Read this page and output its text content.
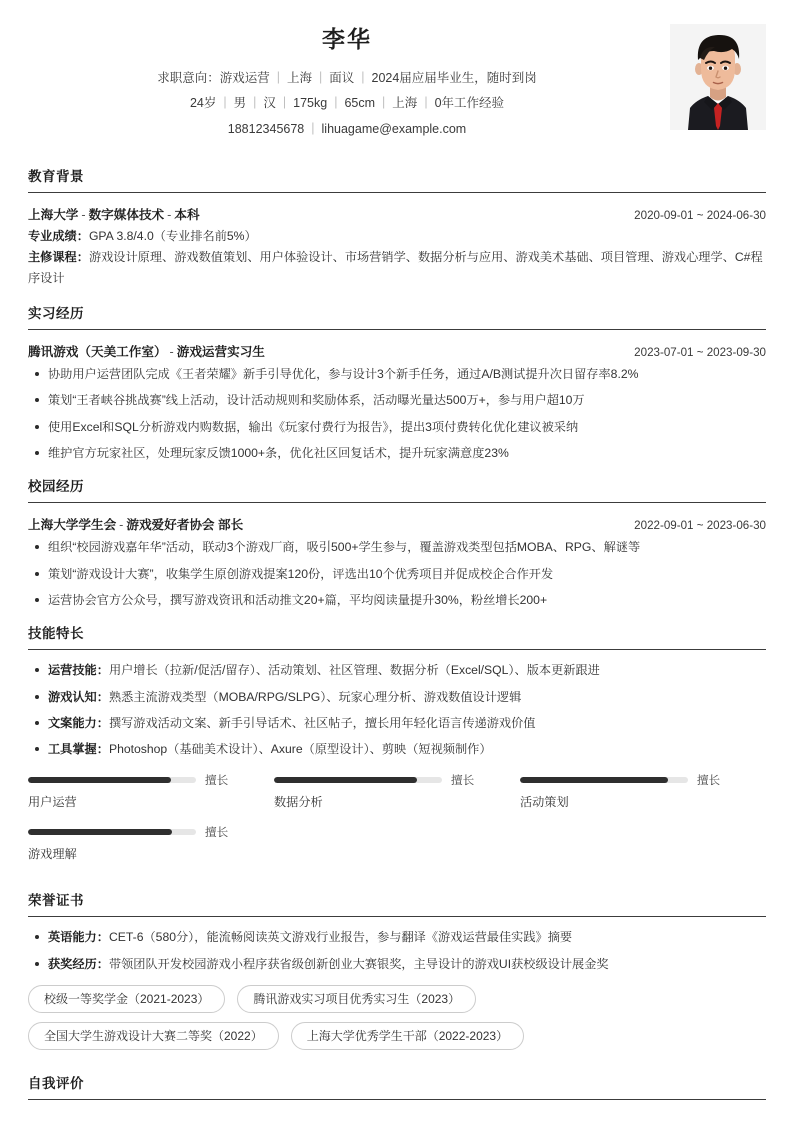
李华
求职意向：游戏运营 | 上海 | 面议 | 2024届应届毕业生，随时到岗
24岁 | 男 | 汉 | 175kg | 65cm | 上海 | 0年工作经验
18812345678 | lihuagame@example.com
教育背景
上海大学 - 数字媒体技术 - 本科	2020-09-01 ~ 2024-06-30
专业成绩：GPA 3.8/4.0（专业排名前5%）
主修课程：游戏设计原理、游戏数值策划、用户体验设计、市场营销学、数据分析与应用、游戏美术基础、项目管理、游戏心理学、C#程序设计
实习经历
腾讯游戏（天美工作室） - 游戏运营实习生	2023-07-01 ~ 2023-09-30
协助用户运营团队完成《王者荣耀》新手引导优化，参与设计3个新手任务，通过A/B测试提升次日留存率8.2%
策划“王者峡谷挑战赛”线上活动，设计活动规则和奖励体系，活动曝光量达500万+，参与用户超10万
使用Excel和SQL分析游戏内购数据，输出《玩家付费行为报告》，提出3项付费转化优化建议被采纳
维护官方玩家社区，处理玩家反馈1000+条，优化社区回复话术，提升玩家满意度23%
校园经历
上海大学学生会 - 游戏爱好者协会 部长	2022-09-01 ~ 2023-06-30
组织“校园游戏嘉年华”活动，联动3个游戏厂商，吸引500+学生参与，覆盖游戏类型包括MOBA、RPG、解谜等
策划“游戏设计大赛”，收集学生原创游戏提案120份，评选出10个优秀项目并促成校企合作开发
运营协会官方公众号，撰写游戏资讯和活动推文20+篇，平均阅读量提升30%，粉丝增长200+
技能特长
运营技能：用户增长（拉新/促活/留存）、活动策划、社区管理、数据分析（Excel/SQL）、版本更新跟进
游戏认知：熟悉主流游戏类型（MOBA/RPG/SLPG）、玩家心理分析、游戏数值设计逻辑
文案能力：撰写游戏活动文案、新手引导话术、社区帖子，擅长用年轻化语言传递游戏价值
工具掌握：Photoshop（基础美术设计）、Axure（原型设计）、剪映（短视频制作）
擅长
用户运营
擅长
数据分析
擅长
活动策划
擅长
游戏理解
荣誉证书
英语能力：CET-6（580分），能流畅阅读英文游戏行业报告，参与翻译《游戏运营最佳实践》摘要
获奖经历：带领团队开发校园游戏小程序获省级创新创业大赛银奖，主导设计的游戏UI获校级设计展金奖
校级一等奖学金（2021-2023）	腾讯游戏实习项目优秀实习生（2023）
全国大学生游戏设计大赛二等奖（2022）	上海大学优秀学生干部（2022-2023）
自我评价
